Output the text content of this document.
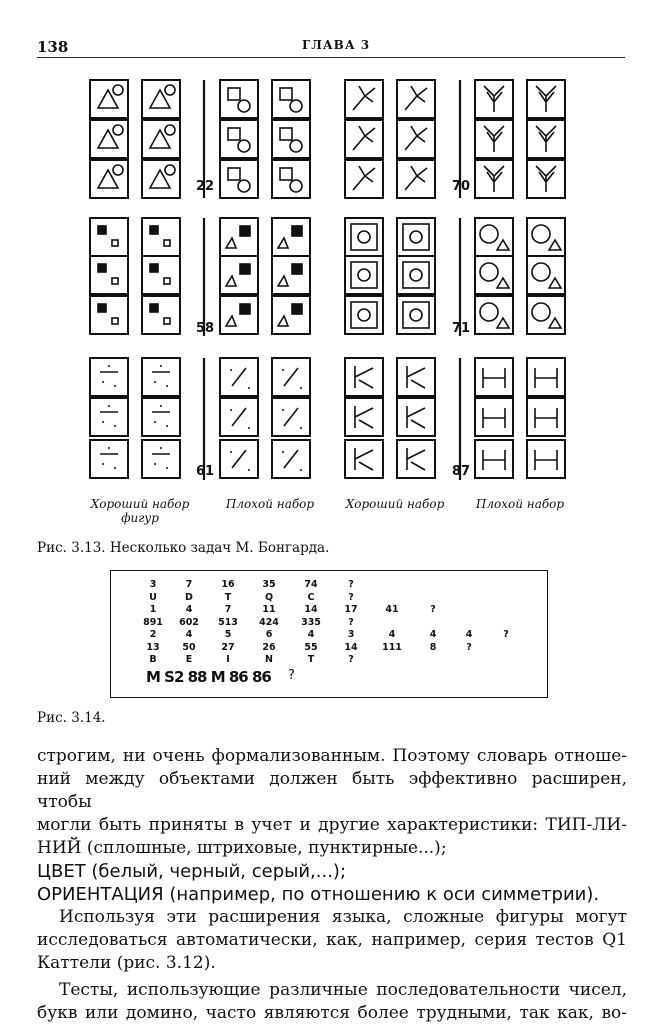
138	ГЛАВА 3
22	70
58	71
61	87
Хороший набор фигур
Плохой набор	Хороший набор	Плохой набор
Рис. 3.13. Несколько задач М. Бонгарда.
M S2 88 M 86 86 ?
3	7	16	35	74	?
U	D	T	Q	C	?
1	4	7	11	14	17	41	?
891	602	513	424	335	?
2	4	5	6	4	3	4	4	4	?
13	50	27	26	55	14	111	8	?
B	E	I	N	T	?
Рис. 3.14.

строгим, ни очень формализованным. Поэтому словарь отноше-

ний между объектами должен быть эффективно расширен, чтобы

могли быть приняты в учет и другие характеристики: ТИП-ЛИ-

НИЙ (сплошные, штриховые, пунктирные...);

ЦВЕТ (белый, черный, серый,...);

ОРИЕНТАЦИЯ (например, по отношению к оси симметрии).

Используя эти расширения языка, сложные фигуры могут

исследоваться автоматически, как, например, серия тестов Q1

Каттели (рис. 3.12).

Тесты, использующие различные последовательности чисел,

букв или домино, часто являются более трудными, так как, во-
